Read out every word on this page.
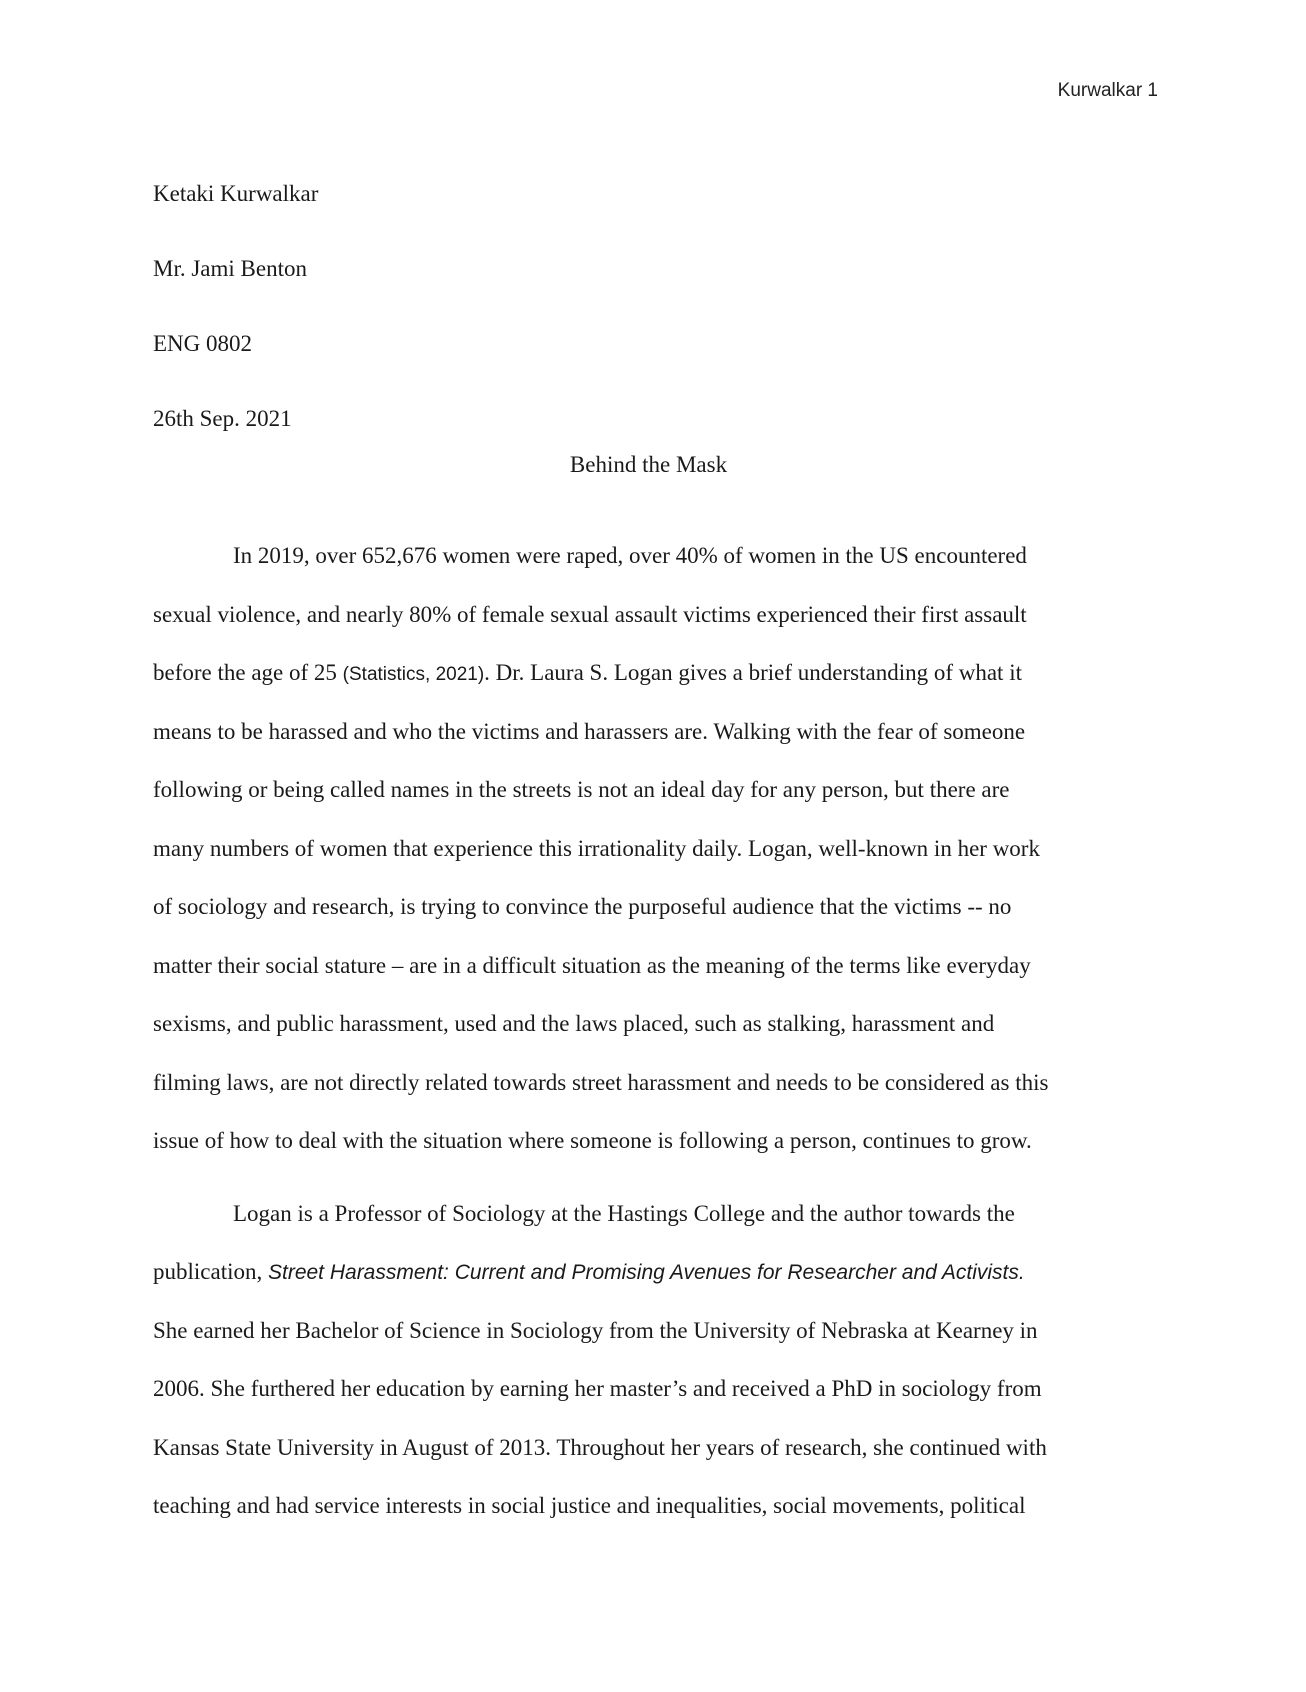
Kurwalkar 1
Ketaki Kurwalkar
Mr. Jami Benton
ENG 0802
26th Sep. 2021
Behind the Mask
In 2019, over 652,676 women were raped, over 40% of women in the US encountered
sexual violence, and nearly 80% of female sexual assault victims experienced their first assault
before the age of 25 (Statistics, 2021). Dr. Laura S. Logan gives a brief understanding of what it
means to be harassed and who the victims and harassers are. Walking with the fear of someone
following or being called names in the streets is not an ideal day for any person, but there are
many numbers of women that experience this irrationality daily. Logan, well-known in her work
of sociology and research, is trying to convince the purposeful audience that the victims -- no
matter their social stature – are in a difficult situation as the meaning of the terms like everyday
sexisms, and public harassment, used and the laws placed, such as stalking, harassment and
filming laws, are not directly related towards street harassment and needs to be considered as this
issue of how to deal with the situation where someone is following a person, continues to grow.
Logan is a Professor of Sociology at the Hastings College and the author towards the
publication, Street Harassment: Current and Promising Avenues for Researcher and Activists.
She earned her Bachelor of Science in Sociology from the University of Nebraska at Kearney in
2006. She furthered her education by earning her master’s and received a PhD in sociology from
Kansas State University in August of 2013. Throughout her years of research, she continued with
teaching and had service interests in social justice and inequalities, social movements, political
